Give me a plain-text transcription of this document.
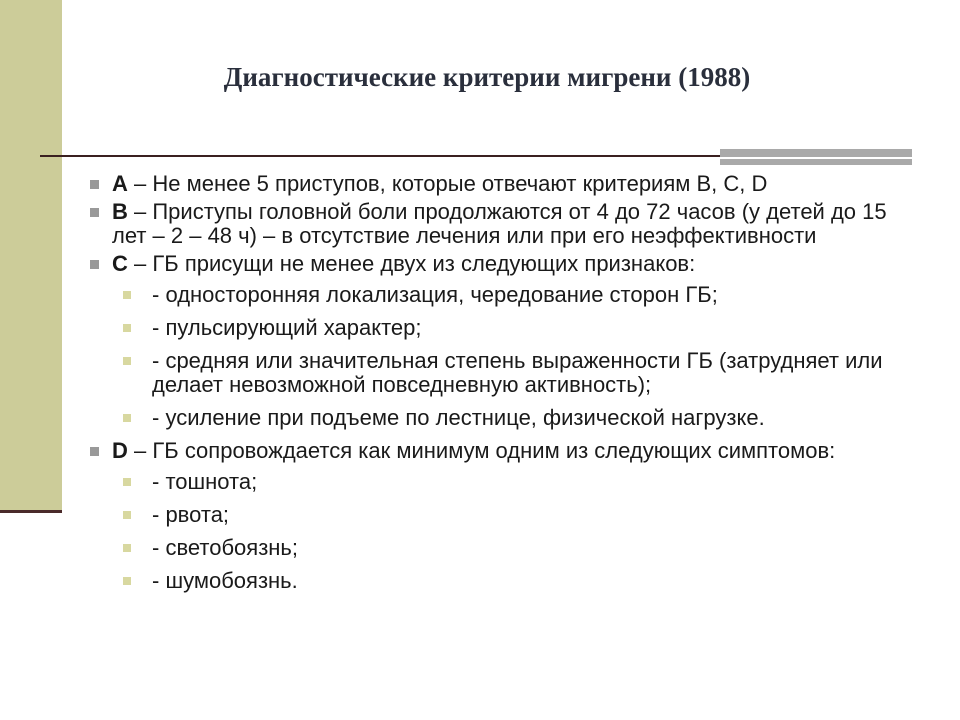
Диагностические критерии мигрени (1988)
A – Не менее 5 приступов, которые отвечают критериям B, C, D
B – Приступы головной боли продолжаются от 4 до 72 часов (у детей до 15 лет – 2 – 48 ч) – в отсутствие лечения или при его неэффективности
C – ГБ присущи не менее двух из следующих признаков:
- односторонняя локализация, чередование сторон ГБ;
- пульсирующий характер;
- средняя или значительная степень выраженности ГБ (затрудняет или делает невозможной повседневную активность);
- усиление при подъеме по лестнице, физической нагрузке.
D – ГБ сопровождается как минимум одним из следующих симптомов:
- тошнота;
- рвота;
- светобоязнь;
- шумобоязнь.
